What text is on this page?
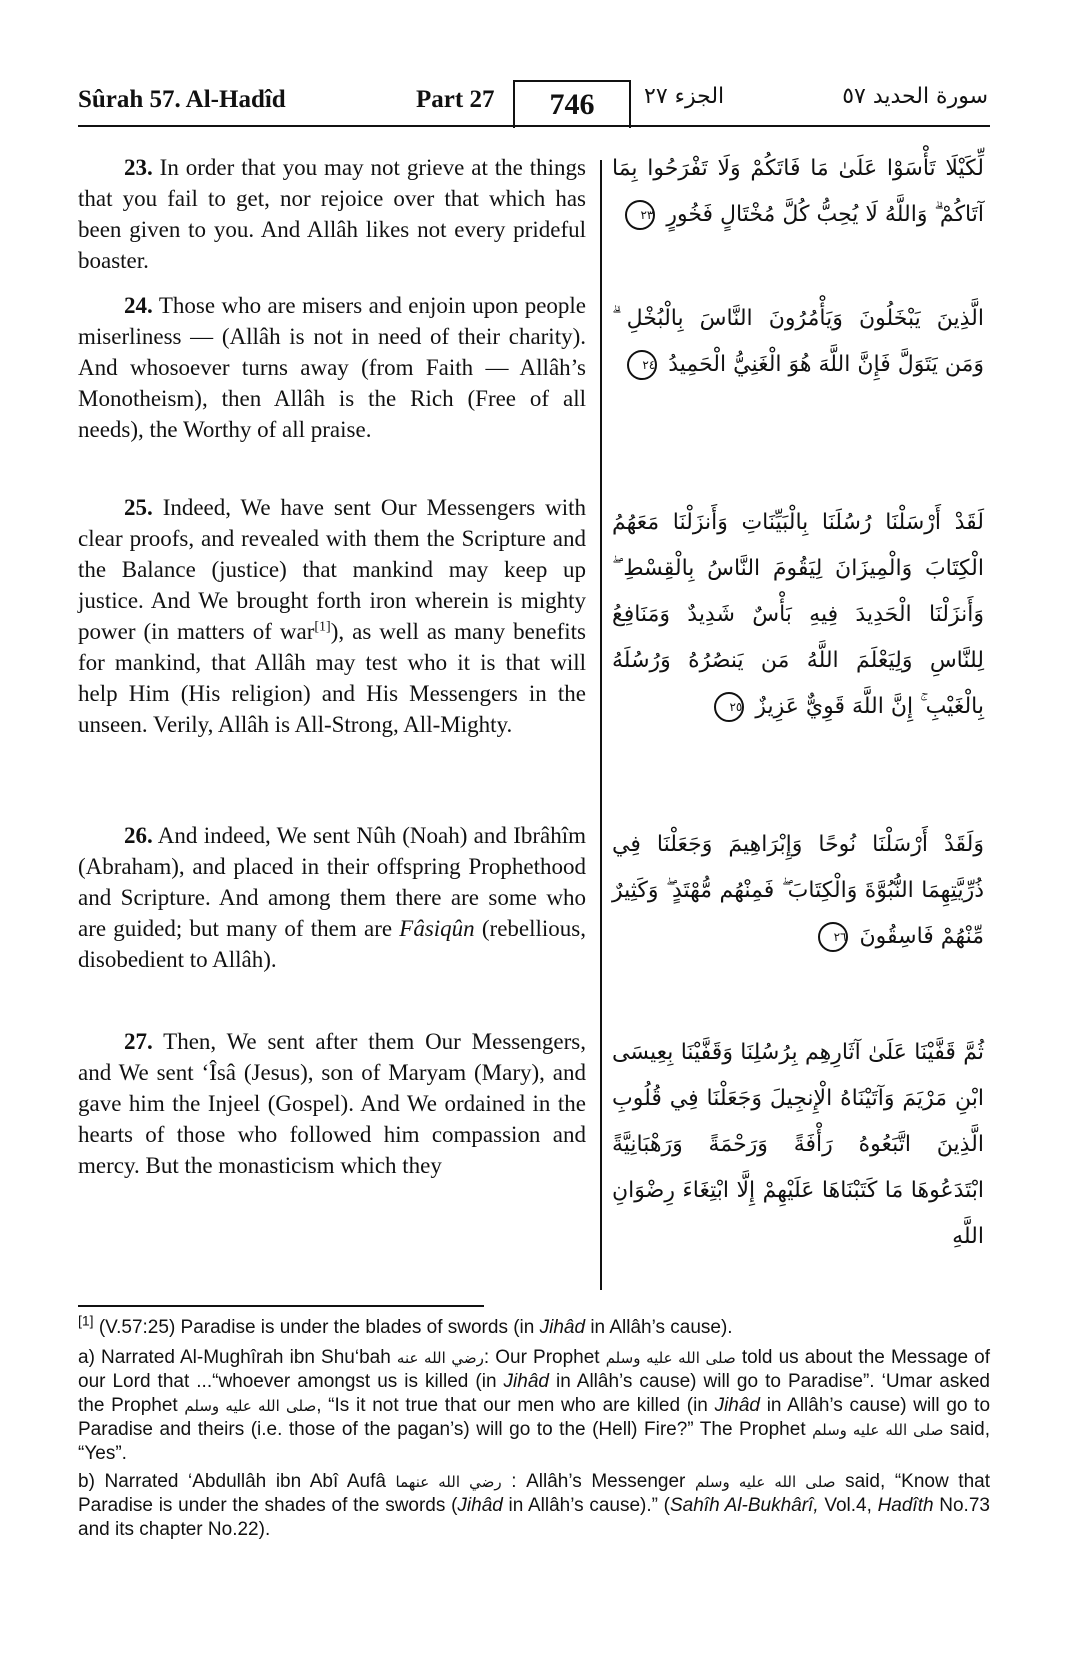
Sûrah 57. Al-Hadîd	Part 27	746	الجزء ٢٧	سورة الحديد ٥٧

23. In order that you may not grieve at the things that you fail to get, nor rejoice over that which has been given to you. And Allâh likes not every prideful boaster.

لِّكَيْلَا تَأْسَوْا عَلَىٰ مَا فَاتَكُمْ وَلَا تَفْرَحُوا بِمَا آتَاكُمْ ۗ وَاللَّهُ لَا يُحِبُّ كُلَّ مُخْتَالٍ فَخُورٍ ٢٣

24. Those who are misers and enjoin upon people miserliness — (Allâh is not in need of their charity). And whosoever turns away (from Faith — Allâh’s Monotheism), then Allâh is the Rich (Free of all needs), the Worthy of all praise.

الَّذِينَ يَبْخَلُونَ وَيَأْمُرُونَ النَّاسَ بِالْبُخْلِ ۗ وَمَن يَتَوَلَّ فَإِنَّ اللَّهَ هُوَ الْغَنِيُّ الْحَمِيدُ ٢٤

25. Indeed, We have sent Our Messengers with clear proofs, and revealed with them the Scripture and the Balance (justice) that mankind may keep up justice. And We brought forth iron wherein is mighty power (in matters of war[1]), as well as many benefits for mankind, that Allâh may test who it is that will help Him (His religion) and His Messengers in the unseen. Verily, Allâh is All-Strong, All-Mighty.

لَقَدْ أَرْسَلْنَا رُسُلَنَا بِالْبَيِّنَاتِ وَأَنزَلْنَا مَعَهُمُ الْكِتَابَ وَالْمِيزَانَ لِيَقُومَ النَّاسُ بِالْقِسْطِ ۖ وَأَنزَلْنَا الْحَدِيدَ فِيهِ بَأْسٌ شَدِيدٌ وَمَنَافِعُ لِلنَّاسِ وَلِيَعْلَمَ اللَّهُ مَن يَنصُرُهُ وَرُسُلَهُ بِالْغَيْبِ ۚ إِنَّ اللَّهَ قَوِيٌّ عَزِيزٌ ٢٥

26. And indeed, We sent Nûh (Noah) and Ibrâhîm (Abraham), and placed in their offspring Prophethood and Scripture. And among them there are some who are guided; but many of them are Fâsiqûn (rebellious, disobedient to Allâh).

وَلَقَدْ أَرْسَلْنَا نُوحًا وَإِبْرَاهِيمَ وَجَعَلْنَا فِي ذُرِّيَّتِهِمَا النُّبُوَّةَ وَالْكِتَابَ ۖ فَمِنْهُم مُّهْتَدٍ ۖ وَكَثِيرٌ مِّنْهُمْ فَاسِقُونَ ٢٦

27. Then, We sent after them Our Messengers, and We sent ‘Îsâ (Jesus), son of Maryam (Mary), and gave him the Injeel (Gospel). And We ordained in the hearts of those who followed him compassion and mercy. But the monasticism which they

ثُمَّ قَفَّيْنَا عَلَىٰ آثَارِهِم بِرُسُلِنَا وَقَفَّيْنَا بِعِيسَى ابْنِ مَرْيَمَ وَآتَيْنَاهُ الْإِنجِيلَ وَجَعَلْنَا فِي قُلُوبِ الَّذِينَ اتَّبَعُوهُ رَأْفَةً وَرَحْمَةً وَرَهْبَانِيَّةً ابْتَدَعُوهَا مَا كَتَبْنَاهَا عَلَيْهِمْ إِلَّا ابْتِغَاءَ رِضْوَانِ اللَّهِ

[1] (V.57:25) Paradise is under the blades of swords (in Jihâd in Allâh’s cause).

a) Narrated Al-Mughîrah ibn Shu‘bah رضي الله عنه: Our Prophet صلى الله عليه وسلم told us about the Message of our Lord that ...“whoever amongst us is killed (in Jihâd in Allâh’s cause) will go to Paradise”. ‘Umar asked the Prophet صلى الله عليه وسلم, “Is it not true that our men who are killed (in Jihâd in Allâh’s cause) will go to Paradise and theirs (i.e. those of the pagan’s) will go to the (Hell) Fire?” The Prophet صلى الله عليه وسلم said, “Yes”.

b) Narrated ‘Abdullâh ibn Abî Aufâ رضي الله عنهما : Allâh’s Messenger صلى الله عليه وسلم said, “Know that Paradise is under the shades of the swords (Jihâd in Allâh’s cause).” (Sahîh Al-Bukhârî, Vol.4, Hadîth No.73 and its chapter No.22).
